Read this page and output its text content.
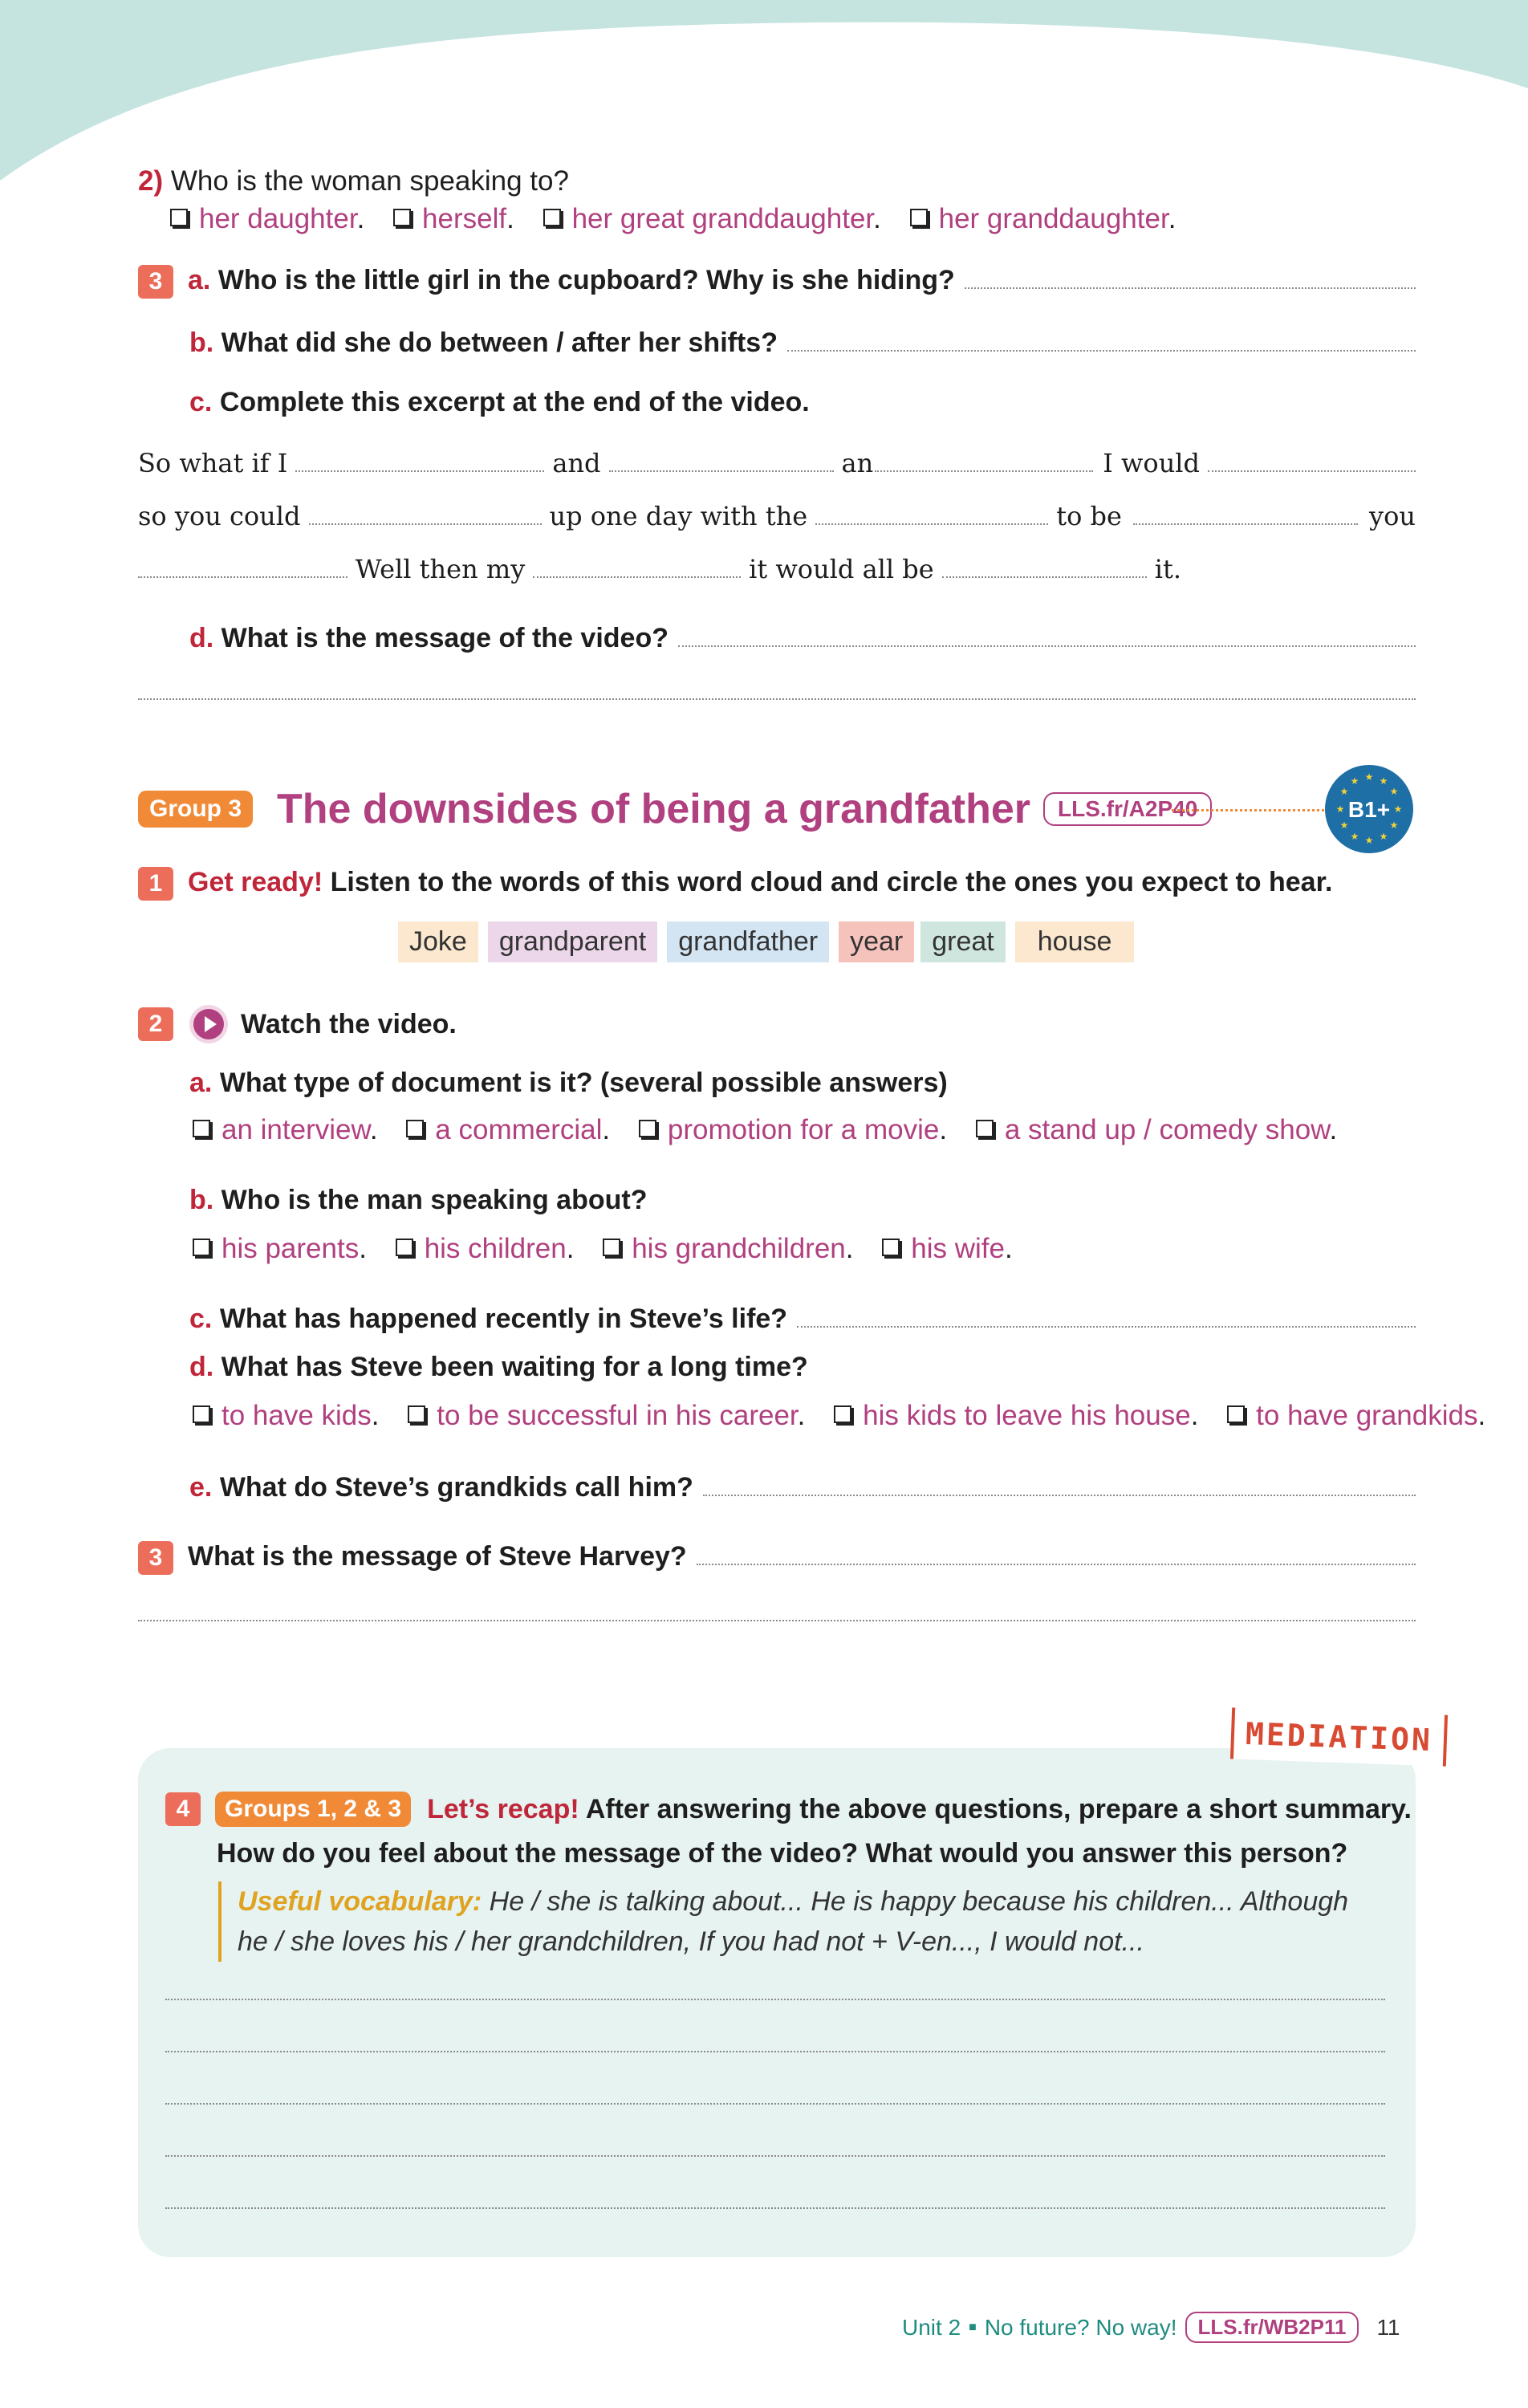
2) Who is the woman speaking to?
her daughter. herself. her great granddaughter. her granddaughter.
3 a. Who is the little girl in the cupboard? Why is she hiding?
b. What did she do between / after her shifts?
c. Complete this excerpt at the end of the video.
So what if I	and	an	I would
so you could	up one day with the	to be	you
Well then my	it would all be	it.
d. What is the message of the video?
Group 3 The downsides of being a grandfather	LLS.fr/A2P40
★ ★
★
★
★
★
★
★
★
★
★
★
B1+
1 Get ready! Listen to the words of this word cloud and circle the ones you expect to hear.
Joke grandparent grandfather year great house
2	Watch the video.
a. What type of document is it? (several possible answers)
an interview. a commercial. promotion for a movie. a stand up / comedy show.
b. Who is the man speaking about?
his parents. his children. his grandchildren. his wife.
c. What has happened recently in Steve’s life?
d. What has Steve been waiting for a long time?
to have kids. to be successful in his career. his kids to leave his house. to have grandkids.
e. What do Steve’s grandkids call him?
3 What is the message of Steve Harvey?
MEDIATION
4	Groups 1, 2 & 3 Let’s recap! After answering the above questions, prepare a short summary.
How do you feel about the message of the video? What would you answer this person?
Useful vocabulary: He / she is talking about... He is happy because his children... Although
he / she loves his / her grandchildren, If you had not + V-en..., I would not...
Unit 2 ■ No future? No way!	LLS.fr/WB2P11	11
